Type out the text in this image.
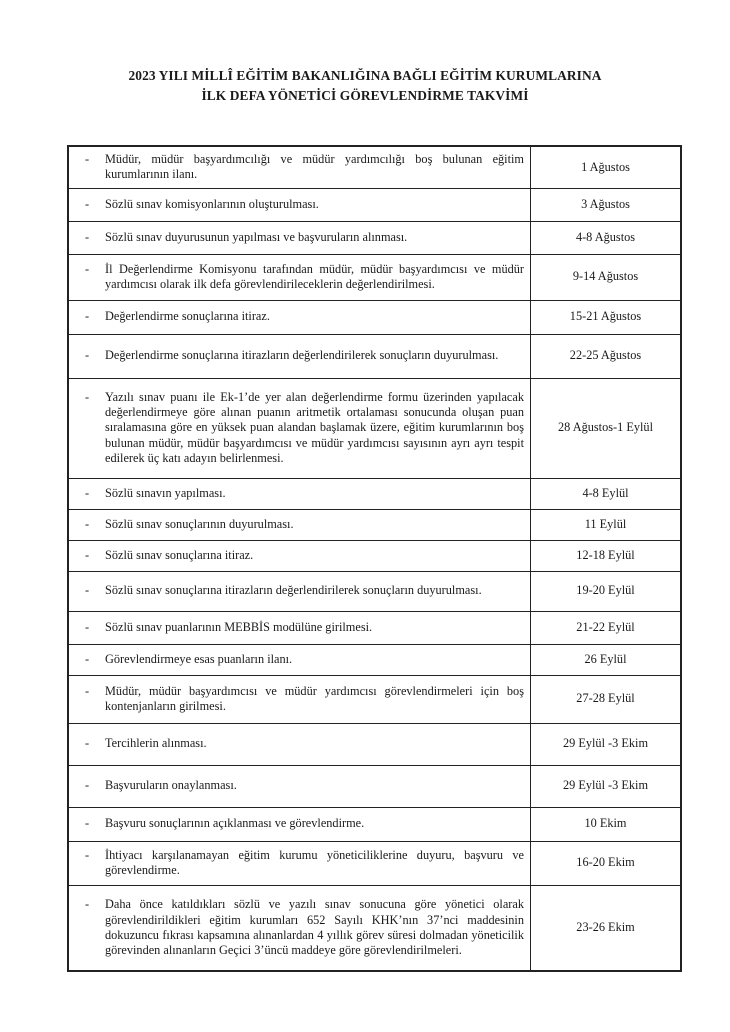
2023 YILI MİLLÎ EĞİTİM BAKANLIĞINA BAĞLI EĞİTİM KURUMLARINA
İLK DEFA YÖNETİCİ GÖREVLENDİRME TAKVİMİ
- Müdür, müdür başyardımcılığı ve müdür yardımcılığı boş bulunan eğitim kurumlarının ilanı.	1 Ağustos

- Sözlü sınav komisyonlarının oluşturulması.	3 Ağustos

- Sözlü sınav duyurusunun yapılması ve başvuruların alınması.	4-8 Ağustos

- İl Değerlendirme Komisyonu tarafından müdür, müdür başyardımcısı ve müdür yardımcısı olarak ilk defa görevlendirileceklerin değerlendirilmesi.	9-14 Ağustos

- Değerlendirme sonuçlarına itiraz.	15-21 Ağustos

- Değerlendirme sonuçlarına itirazların değerlendirilerek sonuçların duyurulması.	22-25 Ağustos

- Yazılı sınav puanı ile Ek-1’de yer alan değerlendirme formu üzerinden yapılacak değerlendirmeye göre alınan puanın aritmetik ortalaması sonucunda oluşan puan sıralamasına göre en yüksek puan alandan başlamak üzere, eğitim kurumlarının boş bulunan müdür, müdür başyardımcısı ve müdür yardımcısı sayısının ayrı ayrı tespit edilerek üç katı adayın belirlenmesi.	28 Ağustos-1 Eylül

- Sözlü sınavın yapılması.	4-8 Eylül

- Sözlü sınav sonuçlarının duyurulması.	11 Eylül

- Sözlü sınav sonuçlarına itiraz.	12-18 Eylül

- Sözlü sınav sonuçlarına itirazların değerlendirilerek sonuçların duyurulması.	19-20 Eylül

- Sözlü sınav puanlarının MEBBİS modülüne girilmesi.	21-22 Eylül

- Görevlendirmeye esas puanların ilanı.	26 Eylül

- Müdür, müdür başyardımcısı ve müdür yardımcısı görevlendirmeleri için boş kontenjanların girilmesi.	27-28 Eylül

- Tercihlerin alınması.	29 Eylül -3 Ekim

- Başvuruların onaylanması.	29 Eylül -3 Ekim

- Başvuru sonuçlarının açıklanması ve görevlendirme.	10 Ekim

- İhtiyacı karşılanamayan eğitim kurumu yöneticiliklerine duyuru, başvuru ve görevlendirme.	16-20 Ekim

- Daha önce katıldıkları sözlü ve yazılı sınav sonucuna göre yönetici olarak görevlendirildikleri eğitim kurumları 652 Sayılı KHK’nın 37’nci maddesinin dokuzuncu fıkrası kapsamına alınanlardan 4 yıllık görev süresi dolmadan yöneticilik görevinden alınanların Geçici 3’üncü maddeye göre görevlendirilmeleri.	23-26 Ekim
